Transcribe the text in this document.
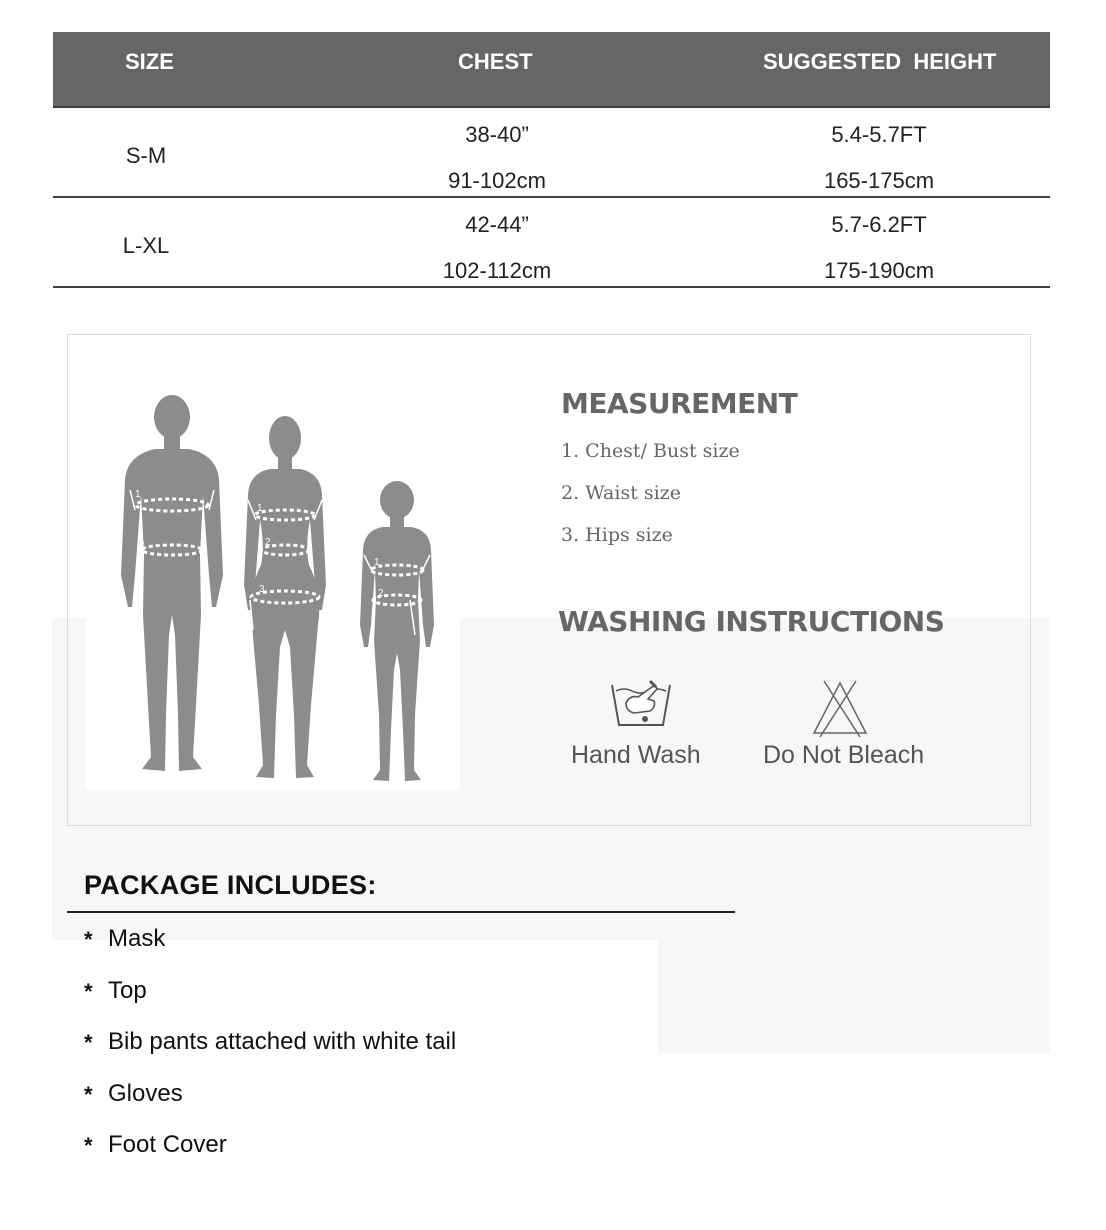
SIZE	CHEST	SUGGESTED  HEIGHT
S-M
38-40”
91-102cm
5.4-5.7FT
165-175cm
L-XL
42-44”
102-112cm
5.7-6.2FT
175-190cm
1
2
1
2
3
1
2
MEASUREMENT
1. Chest/ Bust size
2. Waist size
3. Hips size
WASHING INSTRUCTIONS
Hand Wash Do Not Bleach
PACKAGE INCLUDES:
* Mask
* Top
* Bib pants attached with white tail
* Gloves
* Foot Cover
